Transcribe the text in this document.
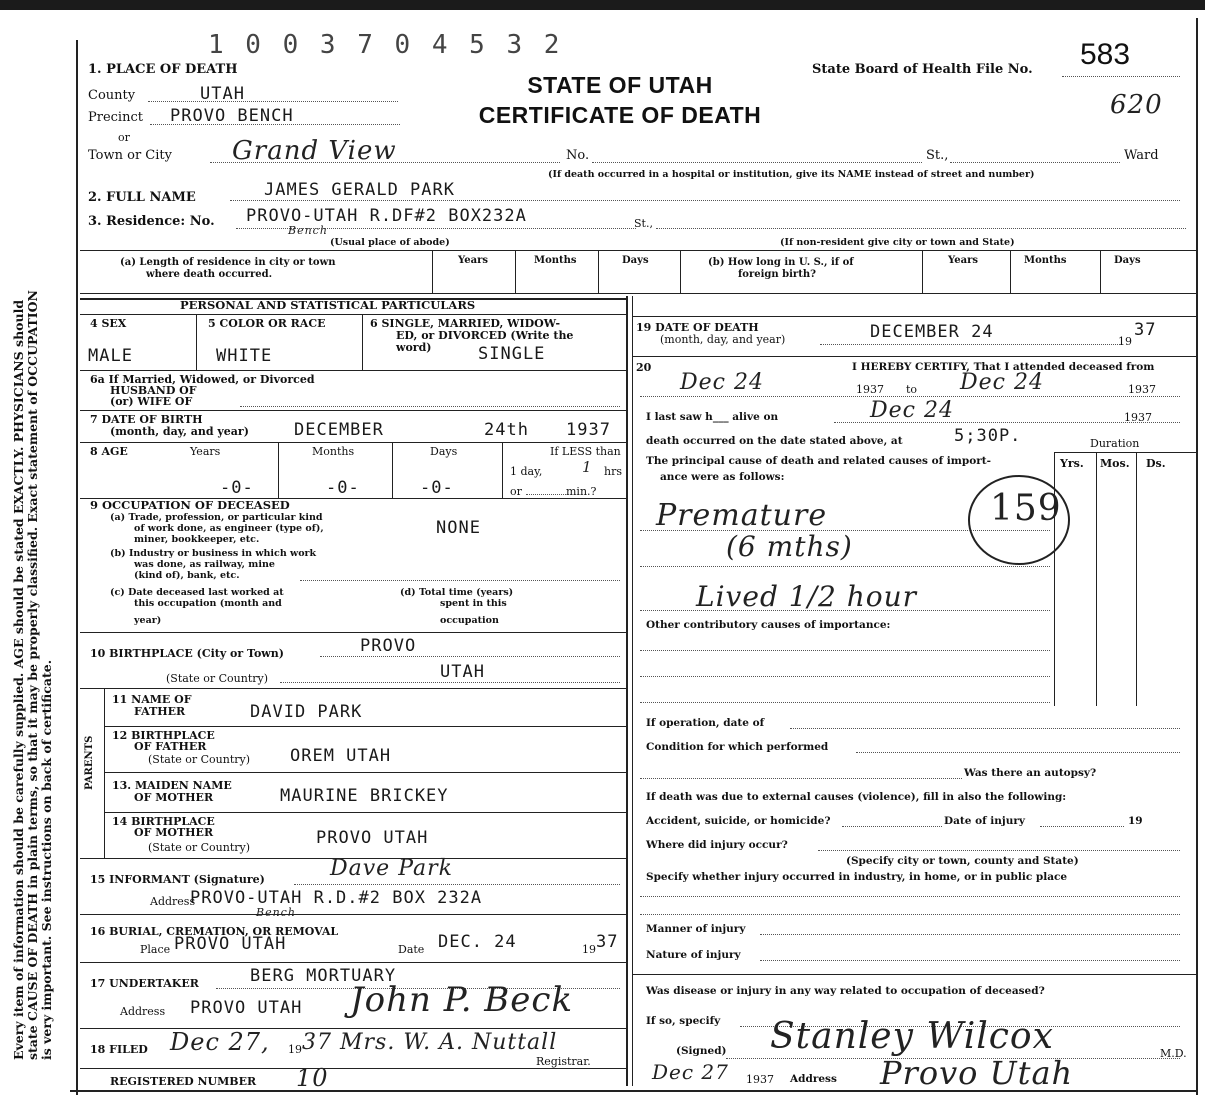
Every item of information should be carefully supplied. AGE should be stated EXACTLY. PHYSICIANS should state CAUSE OF DEATH in plain terms, so that it may be properly classified. Exact statement of OCCUPATION is very important. See instructions on back of certificate.
1 0 0 3 7 0 4 5 3 2
STATE OF UTAH
CERTIFICATE OF DEATH
State Board of Health File No. 583
620
1. PLACE OF DEATH
County	UTAH
Precinct PROVO BENCH
or
Town or City Grand View	No.	St.,	Ward
(If death occurred in a hospital or institution, give its NAME instead of street and number)
2. FULL NAME	JAMES GERALD PARK
3. Residence: No. PROVO-UTAH R.DF#2 BOX232A
Bench
St.,
(Usual place of abode)	(If non-resident give city or town and State)
(a) Length of residence in city or town
where death occurred.
Years	Months	Days	(b) How long in U. S., if of
foreign birth?
Years	Months	Days
PERSONAL AND STATISTICAL PARTICULARS
4 SEX
MALE
5 COLOR OR RACE
WHITE
6 SINGLE, MARRIED, WIDOW-
ED, or DIVORCED (Write the
word)	SINGLE
6a If Married, Widowed, or Divorced
HUSBAND OF
(or) WIFE OF
7 DATE OF BIRTH
(month, day, and year)	DECEMBER	24th 1937
8 AGE	Years	Months	Days
-0-	-0-	-0-
If LESS than
1 day,	1 hrs
or	min.?
9 OCCUPATION OF DECEASED
(a) Trade, profession, or particular kind
of work done, as engineer (type of),
miner, bookkeeper, etc.
NONE
(b) Industry or business in which work
was done, as railway, mine
(kind of), bank, etc.
(c) Date deceased last worked at
this occupation (month and
year)
(d) Total time (years)
spent in this
occupation
10 BIRTHPLACE (City or Town)	PROVO
(State or Country)	UTAH
PARENTS
11 NAME OF
FATHER	DAVID PARK
12 BIRTHPLACE
OF FATHER
(State or Country) OREM UTAH
13. MAIDEN NAME
OF MOTHER	MAURINE BRICKEY
14 BIRTHPLACE
OF MOTHER
(State or Country)	PROVO UTAH
15 INFORMANT (Signature)	Dave Park
Address
PROVO-UTAH R.D.#2 BOX 232A
Bench
16 BURIAL, CREMATION, OR REMOVAL
Place PROVO UTAH	Date DEC. 24	19 37
17 UNDERTAKER	BERG MORTUARY
Address PROVO UTAH John P. Beck
18 FILED Dec 27, 19 37 Mrs. W. A. Nuttall
Registrar.
REGISTERED NUMBER 10
19 DATE OF DEATH
(month, day, and year)	DECEMBER 24	19
37
20	I HEREBY CERTIFY, That I attended deceased from
Dec 24	1937 to Dec 24	1937
I last saw h___ alive on	Dec 24	1937
death occurred on the date stated above, at	5;30P.	Duration
The principal cause of death and related causes of import-
ance were as follows:
Yrs. Mos. Ds.
Premature
(6 mths)
Lived 1/2 hour
159
Other contributory causes of importance:
If operation, date of
Condition for which performed
Was there an autopsy?
If death was due to external causes (violence), fill in also the following:
Accident, suicide, or homicide?	Date of injury	19
Where did injury occur?
(Specify city or town, county and State)
Specify whether injury occurred in industry, in home, or in public place
Manner of injury
Nature of injury
Was disease or injury in any way related to occupation of deceased?
If so, specify
(Signed) Stanley Wilcox	M.D.
Dec 27 1937 Address Provo Utah
